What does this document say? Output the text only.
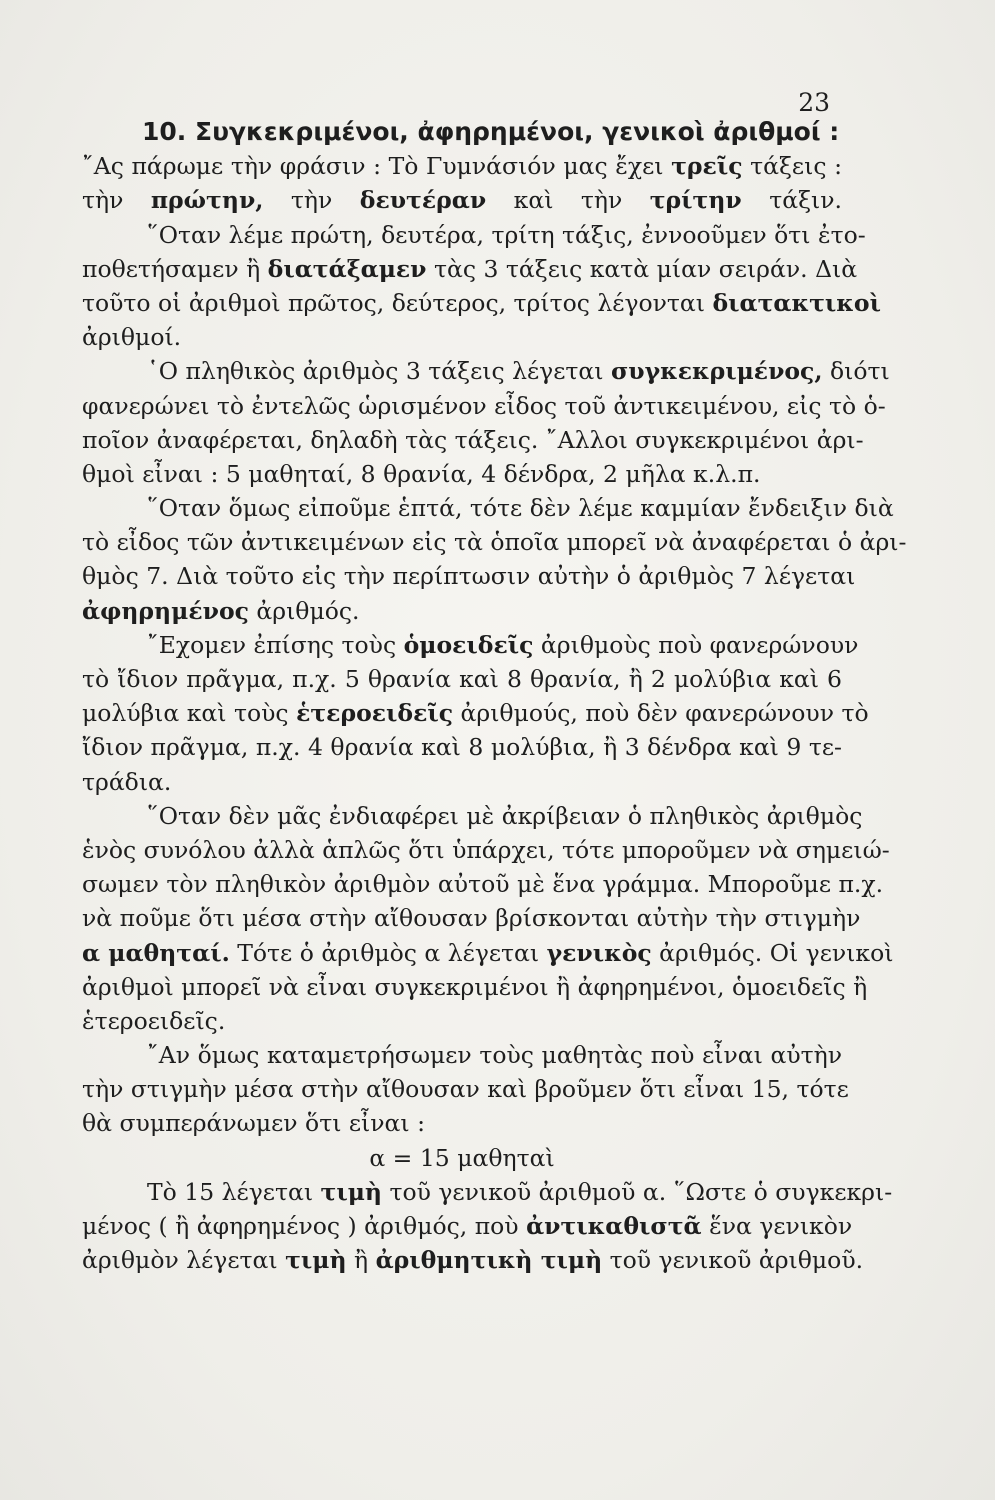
23
10. Συγκεκριμένοι, ἀφηρημένοι, γενικοὶ ἀριθμοί :
῎Ας πάρωμε τὴν φράσιν : Τὸ Γυμνάσιόν μας ἔχει τρεῖς τάξεις :
τὴν πρώτην, τὴν δευτέραν καὶ τὴν τρίτην τάξιν.
῞Οταν λέμε πρώτη, δευτέρα, τρίτη τάξις, ἐννοοῦμεν ὅτι ἐτο-
ποθετήσαμεν ἢ διατάξαμεν τὰς 3 τάξεις κατὰ μίαν σειράν. Διὰ
τοῦτο οἱ ἀριθμοὶ πρῶτος, δεύτερος, τρίτος λέγονται διατακτικοὶ
ἀριθμοί.
῾Ο πληθικὸς ἀριθμὸς 3 τάξεις λέγεται συγκεκριμένος, διότι
φανερώνει τὸ ἐντελῶς ὡρισμένον εἶδος τοῦ ἀντικειμένου, εἰς τὸ ὁ-
ποῖον ἀναφέρεται, δηλαδὴ τὰς τάξεις. ῎Αλλοι συγκεκριμένοι ἀρι-
θμοὶ εἶναι : 5 μαθηταί, 8 θρανία, 4 δένδρα, 2 μῆλα κ.λ.π.
῞Οταν ὅμως εἰποῦμε ἑπτά, τότε δὲν λέμε καμμίαν ἔνδειξιν διὰ
τὸ εἶδος τῶν ἀντικειμένων εἰς τὰ ὁποῖα μπορεῖ νὰ ἀναφέρεται ὁ ἀρι-
θμὸς 7. Διὰ τοῦτο εἰς τὴν περίπτωσιν αὐτὴν ὁ ἀριθμὸς 7 λέγεται
ἀφηρημένος ἀριθμός.
῎Εχομεν ἐπίσης τοὺς ὁμοειδεῖς ἀριθμοὺς ποὺ φανερώνουν
τὸ ἴδιον πρᾶγμα, π.χ. 5 θρανία καὶ 8 θρανία, ἢ 2 μολύβια καὶ 6
μολύβια καὶ τοὺς ἑτεροειδεῖς ἀριθμούς, ποὺ δὲν φανερώνουν τὸ
ἴδιον πρᾶγμα, π.χ. 4 θρανία καὶ 8 μολύβια, ἢ 3 δένδρα καὶ 9 τε-
τράδια.
῞Οταν δὲν μᾶς ἐνδιαφέρει μὲ ἀκρίβειαν ὁ πληθικὸς ἀριθμὸς
ἑνὸς συνόλου ἀλλὰ ἁπλῶς ὅτι ὑπάρχει, τότε μποροῦμεν νὰ σημειώ-
σωμεν τὸν πληθικὸν ἀριθμὸν αὐτοῦ μὲ ἕνα γράμμα. Μποροῦμε π.χ.
νὰ ποῦμε ὅτι μέσα στὴν αἴθουσαν βρίσκονται αὐτὴν τὴν στιγμὴν
α μαθηταί. Τότε ὁ ἀριθμὸς α λέγεται γενικὸς ἀριθμός. Οἱ γενικοὶ
ἀριθμοὶ μπορεῖ νὰ εἶναι συγκεκριμένοι ἢ ἀφηρημένοι, ὁμοειδεῖς ἢ
ἑτεροειδεῖς.
῎Αν ὅμως καταμετρήσωμεν τοὺς μαθητὰς ποὺ εἶναι αὐτὴν
τὴν στιγμὴν μέσα στὴν αἴθουσαν καὶ βροῦμεν ὅτι εἶναι 15, τότε
θὰ συμπεράνωμεν ὅτι εἶναι :
α = 15 μαθηταὶ
Τὸ 15 λέγεται τιμὴ τοῦ γενικοῦ ἀριθμοῦ α. ῞Ωστε ὁ συγκεκρι-
μένος ( ἢ ἀφηρημένος ) ἀριθμός, ποὺ ἀντικαθιστᾶ ἕνα γενικὸν
ἀριθμὸν λέγεται τιμὴ ἢ ἀριθμητικὴ τιμὴ τοῦ γενικοῦ ἀριθμοῦ.
